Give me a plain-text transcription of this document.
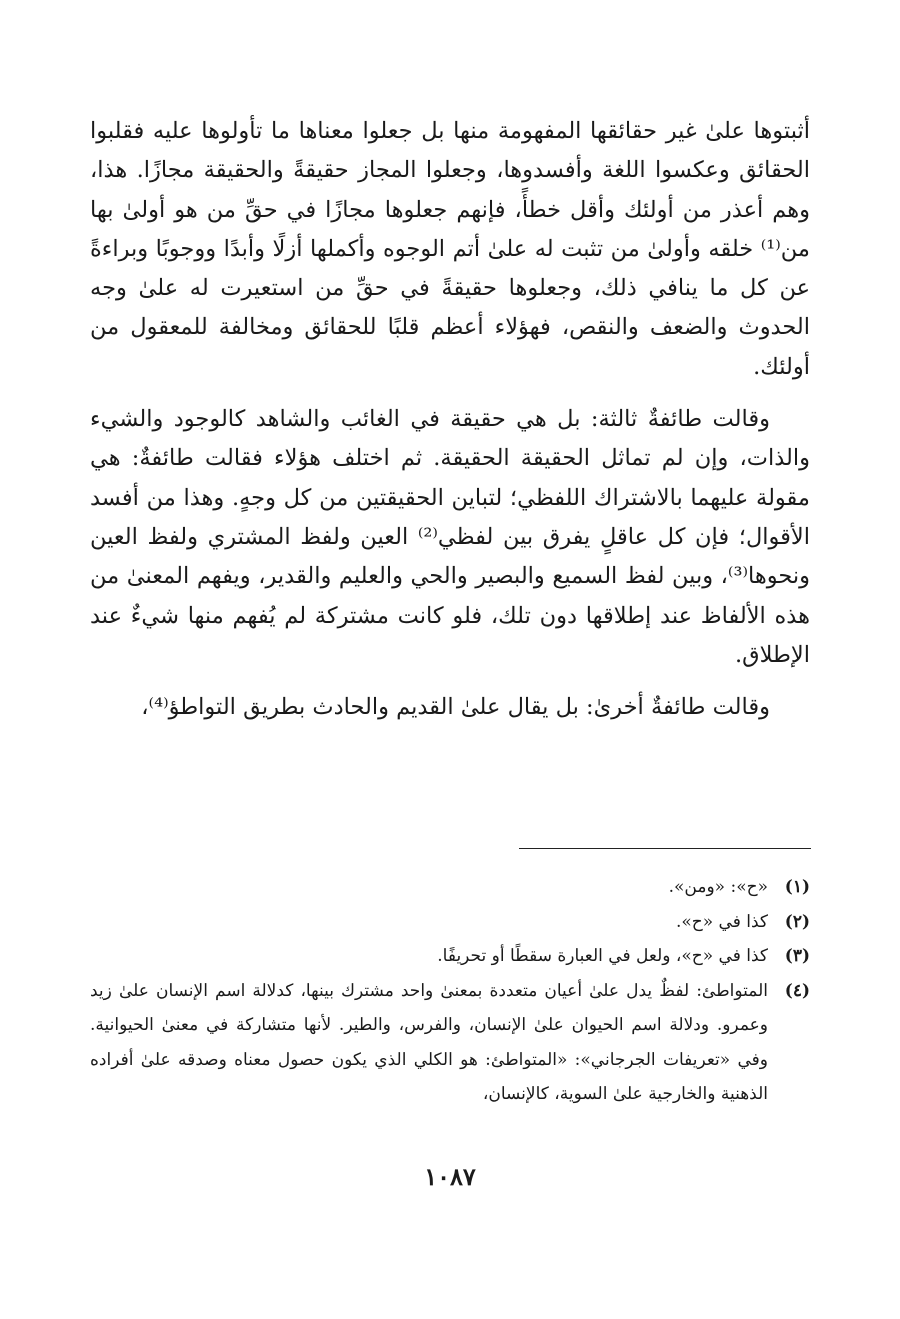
أثبتوها علىٰ غير حقائقها المفهومة منها بل جعلوا معناها ما تأولوها عليه فقلبوا الحقائق وعكسوا اللغة وأفسدوها، وجعلوا المجاز حقيقةً والحقيقة مجازًا. هذا، وهم أعذر من أولئك وأقل خطأً، فإنهم جعلوها مجازًا في حقِّ من هو أولىٰ بها من⁽¹⁾ خلقه وأولىٰ من تثبت له علىٰ أتم الوجوه وأكملها أزلًا وأبدًا ووجوبًا وبراءةً عن كل ما ينافي ذلك، وجعلوها حقيقةً في حقِّ من استعيرت له علىٰ وجه الحدوث والضعف والنقص، فهؤلاء أعظم قلبًا للحقائق ومخالفة للمعقول من أولئك.

وقالت طائفةٌ ثالثة: بل هي حقيقة في الغائب والشاهد كالوجود والشيء والذات، وإن لم تماثل الحقيقة الحقيقة. ثم اختلف هؤلاء فقالت طائفةٌ: هي مقولة عليهما بالاشتراك اللفظي؛ لتباين الحقيقتين من كل وجهٍ. وهذا من أفسد الأقوال؛ فإن كل عاقلٍ يفرق بين لفظي⁽²⁾ العين ولفظ المشتري ولفظ العين ونحوها⁽³⁾، وبين لفظ السميع والبصير والحي والعليم والقدير، ويفهم المعنىٰ من هذه الألفاظ عند إطلاقها دون تلك، فلو كانت مشتركة لم يُفهم منها شيءٌ عند الإطلاق.

وقالت طائفةٌ أخرىٰ: بل يقال علىٰ القديم والحادث بطريق التواطؤ⁽⁴⁾،

(١)
«ح»: «ومن».
(٢)
كذا في «ح».
(٣)
كذا في «ح»، ولعل في العبارة سقطًا أو تحريفًا.
(٤)
المتواطئ: لفظٌ يدل علىٰ أعيان متعددة بمعنىٰ واحد مشترك بينها، كدلالة اسم الإنسان علىٰ زيد وعمرو. ودلالة اسم الحيوان علىٰ الإنسان، والفرس، والطير. لأنها متشاركة في معنىٰ الحيوانية. وفي «تعريفات الجرجاني»: «المتواطئ: هو الكلي الذي يكون حصول معناه وصدقه علىٰ أفراده الذهنية والخارجية علىٰ السوية، كالإنسان،
١٠٨٧
